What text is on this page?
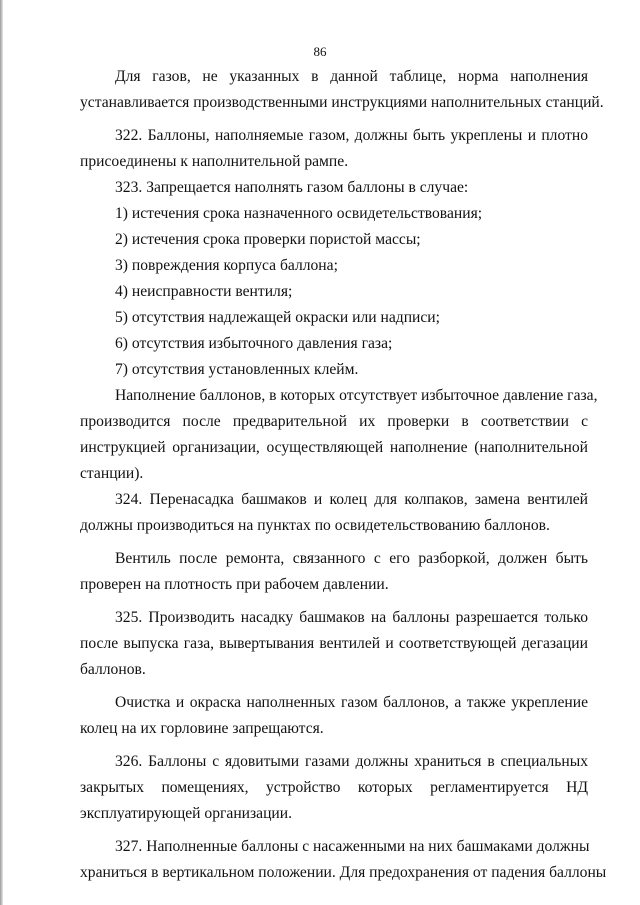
86
Для газов, не указанных в данной таблице, норма наполнения
устанавливается производственными инструкциями наполнительных станций.
322. Баллоны, наполняемые газом, должны быть укреплены и плотно
присоединены к наполнительной рампе.
323. Запрещается наполнять газом баллоны в случае:
1) истечения срока назначенного освидетельствования;
2) истечения срока проверки пористой массы;
3) повреждения корпуса баллона;
4) неисправности вентиля;
5) отсутствия надлежащей окраски или надписи;
6) отсутствия избыточного давления газа;
7) отсутствия установленных клейм.
Наполнение баллонов, в которых отсутствует избыточное давление газа,
производится после предварительной их проверки в соответствии с
инструкцией организации, осуществляющей наполнение (наполнительной
станции).
324. Перенасадка башмаков и колец для колпаков, замена вентилей
должны производиться на пунктах по освидетельствованию баллонов.
Вентиль после ремонта, связанного с его разборкой, должен быть
проверен на плотность при рабочем давлении.
325. Производить насадку башмаков на баллоны разрешается только
после выпуска газа, вывертывания вентилей и соответствующей дегазации
баллонов.
Очистка и окраска наполненных газом баллонов, а также укрепление
колец на их горловине запрещаются.
326. Баллоны с ядовитыми газами должны храниться в специальных
закрытых помещениях, устройство которых регламентируется НД
эксплуатирующей организации.
327. Наполненные баллоны с насаженными на них башмаками должны
храниться в вертикальном положении. Для предохранения от падения баллоны
